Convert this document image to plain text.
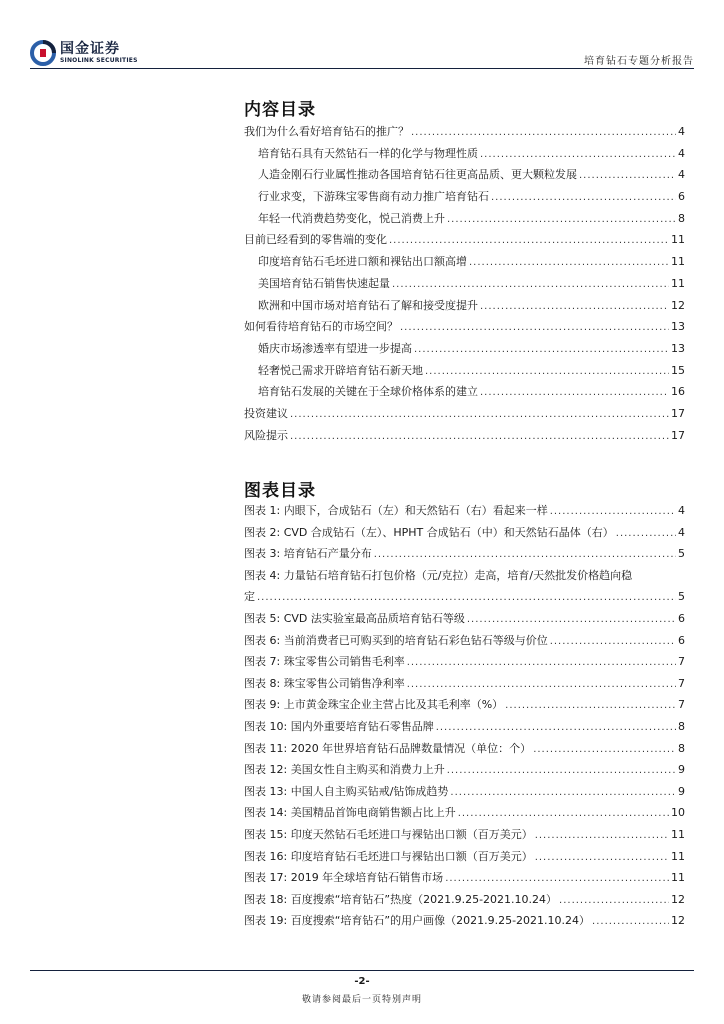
国金证券
SINOLINK SECURITIES	培育钻石专题分析报告
内容目录
我们为什么看好培育钻石的推广？ .....	4
培育钻石具有天然钻石一样的化学与物理性质 .....	4
人造金刚石行业属性推动各国培育钻石往更高品质、更大颗粒发展 .....	4
行业求变，下游珠宝零售商有动力推广培育钻石 .....	6
年轻一代消费趋势变化，悦己消费上升 .....	8
目前已经看到的零售端的变化 .....	11
印度培育钻石毛坯进口额和裸钻出口额高增 .....	11
美国培育钻石销售快速起量 .....	11
欧洲和中国市场对培育钻石了解和接受度提升 .....	12
如何看待培育钻石的市场空间？ .....	13
婚庆市场渗透率有望进一步提高 .....	13
轻奢悦己需求开辟培育钻石新天地 .....	15
培育钻石发展的关键在于全球价格体系的建立 .....	16
投资建议 .....	17
风险提示 .....	17
图表目录
图表 1: 内眼下，合成钻石（左）和天然钻石（右）看起来一样 .....	4
图表 2: CVD 合成钻石（左）、HPHT 合成钻石（中）和天然钻石晶体（右） .....	4
图表 3: 培育钻石产量分布 .....	5
图表 4: 力量钻石培育钻石打包价格（元/克拉）走高，培育/天然批发价格趋向稳
定 .....	5
图表 5: CVD 法实验室最高品质培育钻石等级 .....	6
图表 6: 当前消费者已可购买到的培育钻石彩色钻石等级与价位 .....	6
图表 7: 珠宝零售公司销售毛利率 .....	7
图表 8: 珠宝零售公司销售净利率 .....	7
图表 9: 上市黄金珠宝企业主营占比及其毛利率（%） .....	7
图表 10: 国内外重要培育钻石零售品牌 .....	8
图表 11: 2020 年世界培育钻石品牌数量情况（单位：个） .....	8
图表 12: 美国女性自主购买和消费力上升 .....	9
图表 13: 中国人自主购买钻戒/钻饰成趋势 .....	9
图表 14: 美国精品首饰电商销售额占比上升 .....	10
图表 15: 印度天然钻石毛坯进口与裸钻出口额（百万美元） .....	11
图表 16: 印度培育钻石毛坯进口与裸钻出口额（百万美元） .....	11
图表 17: 2019 年全球培育钻石销售市场 .....	11
图表 18: 百度搜索“培育钻石”热度（2021.9.25-2021.10.24） .....	12
图表 19: 百度搜索“培育钻石”的用户画像（2021.9.25-2021.10.24） .....	12
-2-
敬请参阅最后一页特别声明
